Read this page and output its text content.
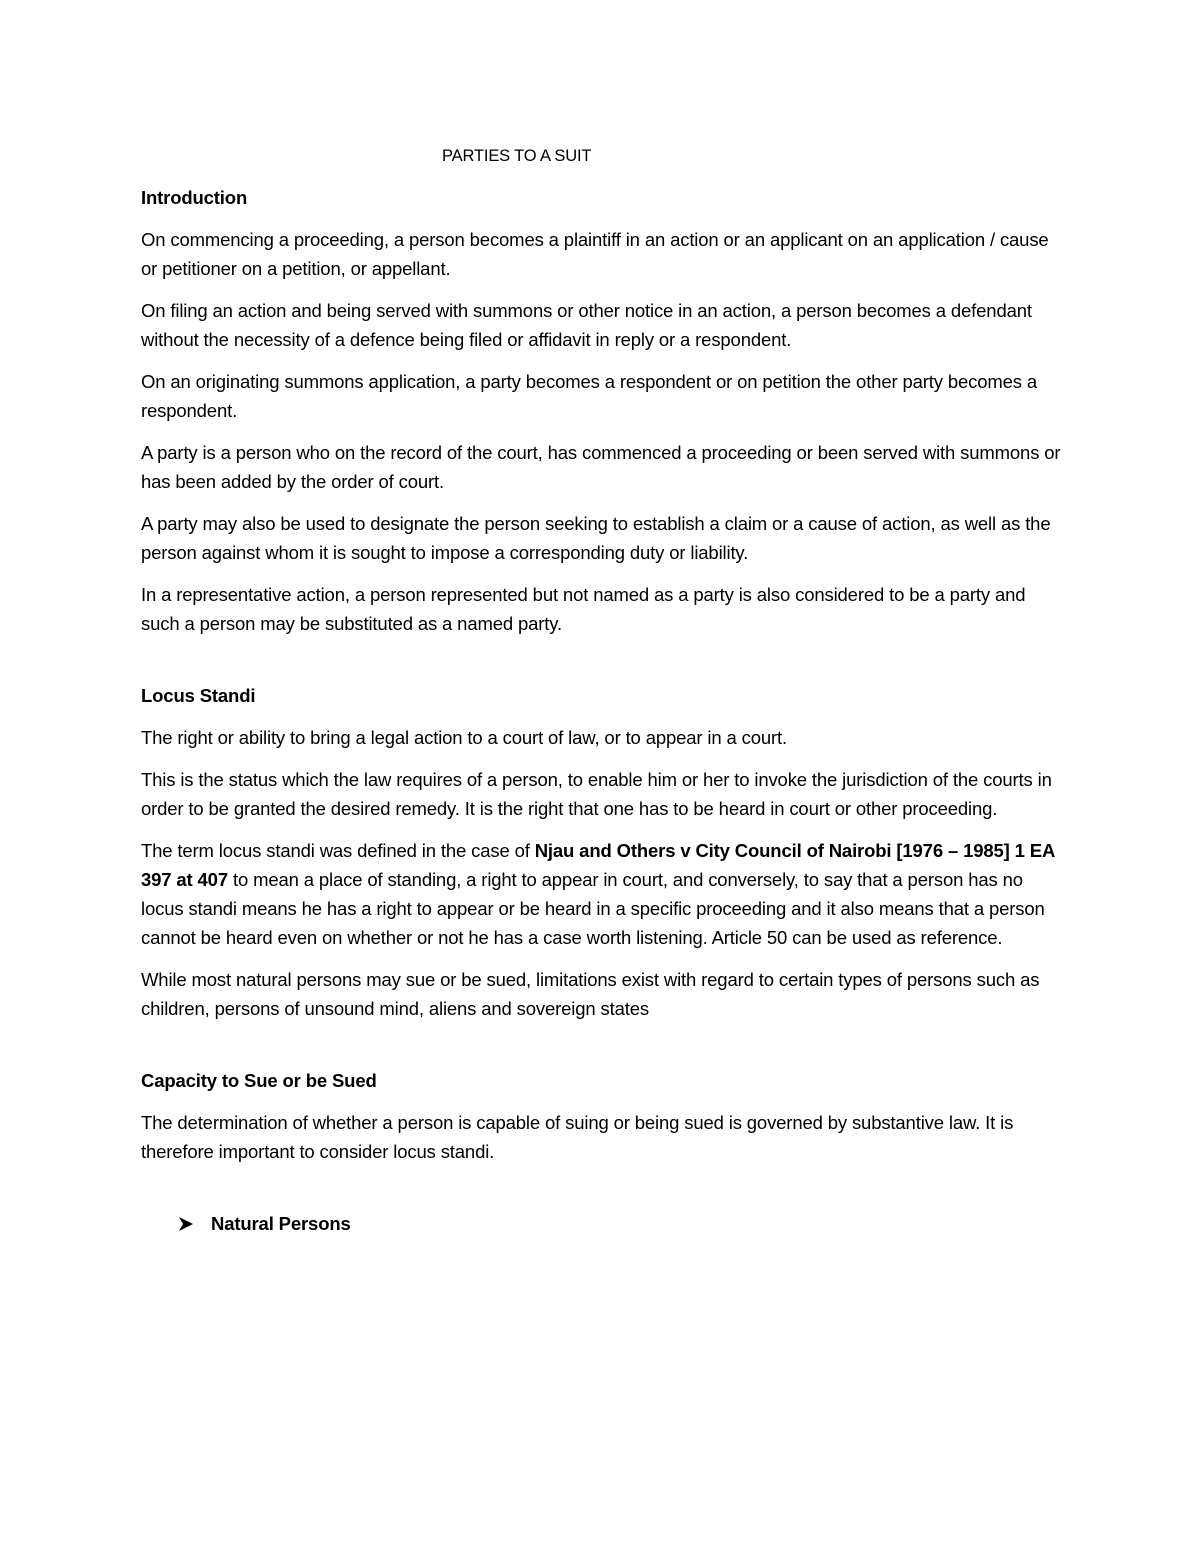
PARTIES TO A SUIT
Introduction

On commencing a proceeding, a person becomes a plaintiff in an action or an applicant on an application / cause or petitioner on a petition, or appellant.

On filing an action and being served with summons or other notice in an action, a person becomes a defendant without the necessity of a defence being filed or affidavit in reply or a respondent.

On an originating summons application, a party becomes a respondent or on petition the other party becomes a respondent.

A party is a person who on the record of the court, has commenced a proceeding or been served with summons or has been added by the order of court.

A party may also be used to designate the person seeking to establish a claim or a cause of action, as well as the person against whom it is sought to impose a corresponding duty or liability.

In a representative action, a person represented but not named as a party is also considered to be a party and such a person may be substituted as a named party.

Locus Standi

The right or ability to bring a legal action to a court of law, or to appear in a court.

This is the status which the law requires of a person, to enable him or her to invoke the jurisdiction of the courts in order to be granted the desired remedy. It is the right that one has to be heard in court or other proceeding.

The term locus standi was defined in the case of Njau and Others v City Council of Nairobi [1976 – 1985] 1 EA 397 at 407 to mean a place of standing, a right to appear in court, and conversely, to say that a person has no locus standi means he has a right to appear or be heard in a specific proceeding and it also means that a person cannot be heard even on whether or not he has a case worth listening. Article 50 can be used as reference.

While most natural persons may sue or be sued, limitations exist with regard to certain types of persons such as children, persons of unsound mind, aliens and sovereign states

Capacity to Sue or be Sued

The determination of whether a person is capable of suing or being sued is governed by substantive law. It is therefore important to consider locus standi.

Natural Persons
